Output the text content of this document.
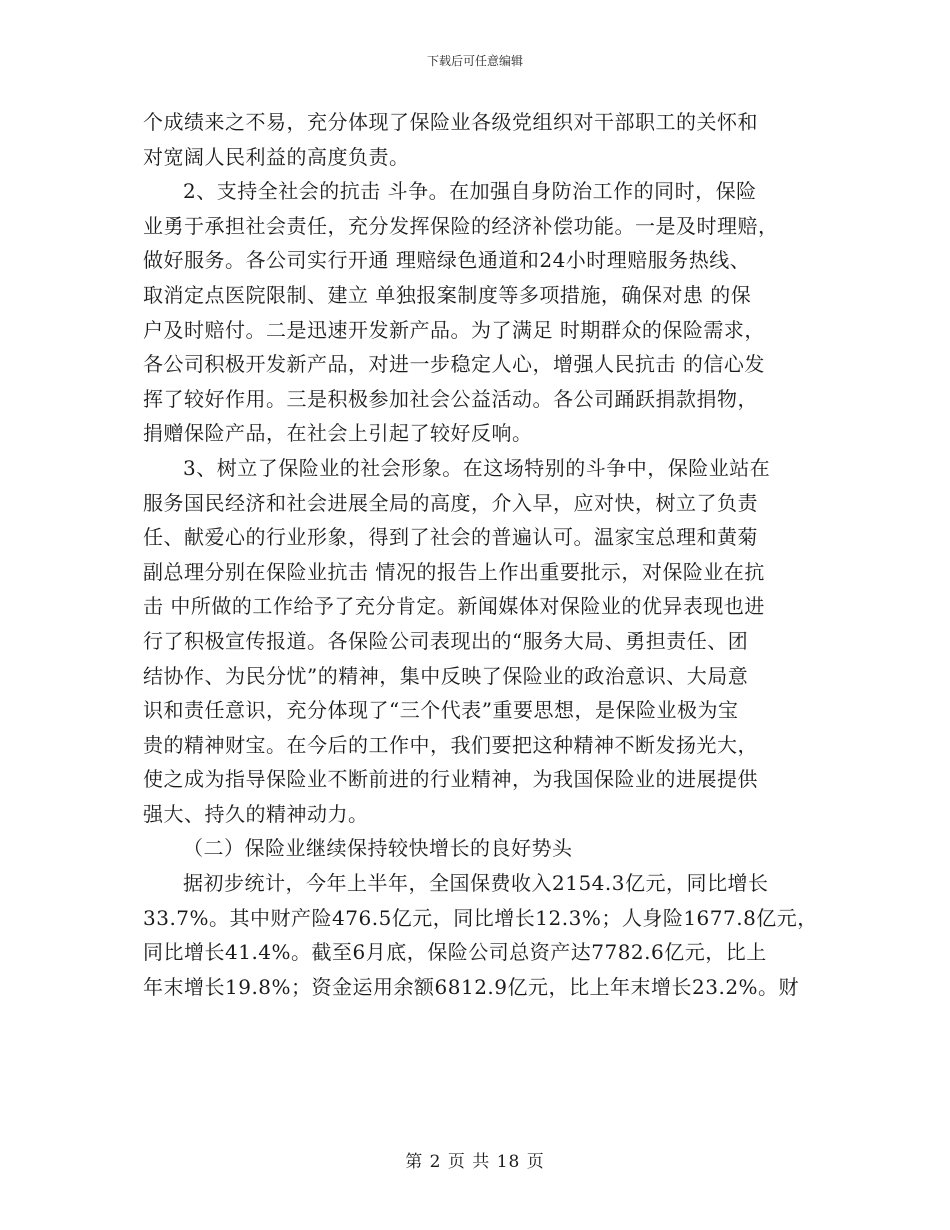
下载后可任意编辑
个成绩来之不易，充分体现了保险业各级党组织对干部职工的关怀和
对宽阔人民利益的高度负责。
2、支持全社会的抗击 斗争。在加强自身防治工作的同时，保险
业勇于承担社会责任，充分发挥保险的经济补偿功能。一是及时理赔，
做好服务。各公司实行开通 理赔绿色通道和24小时理赔服务热线、
取消定点医院限制、建立 单独报案制度等多项措施，确保对患 的保
户及时赔付。二是迅速开发新产品。为了满足 时期群众的保险需求，
各公司积极开发新产品，对进一步稳定人心，增强人民抗击 的信心发
挥了较好作用。三是积极参加社会公益活动。各公司踊跃捐款捐物，
捐赠保险产品，在社会上引起了较好反响。
3、树立了保险业的社会形象。在这场特别的斗争中，保险业站在
服务国民经济和社会进展全局的高度，介入早，应对快，树立了负责
任、献爱心的行业形象，得到了社会的普遍认可。温家宝总理和黄菊
副总理分别在保险业抗击 情况的报告上作出重要批示，对保险业在抗
击 中所做的工作给予了充分肯定。新闻媒体对保险业的优异表现也进
行了积极宣传报道。各保险公司表现出的“服务大局、勇担责任、团
结协作、为民分忧”的精神，集中反映了保险业的政治意识、大局意
识和责任意识，充分体现了“三个代表”重要思想，是保险业极为宝
贵的精神财宝。在今后的工作中，我们要把这种精神不断发扬光大，
使之成为指导保险业不断前进的行业精神，为我国保险业的进展提供
强大、持久的精神动力。
（二）保险业继续保持较快增长的良好势头
据初步统计，今年上半年，全国保费收入2154.3亿元，同比增长
33.7%。其中财产险476.5亿元，同比增长12.3%；人身险1677.8亿元，
同比增长41.4%。截至6月底，保险公司总资产达7782.6亿元，比上
年末增长19.8%；资金运用余额6812.9亿元，比上年末增长23.2%。财
第 2 页 共 18 页
